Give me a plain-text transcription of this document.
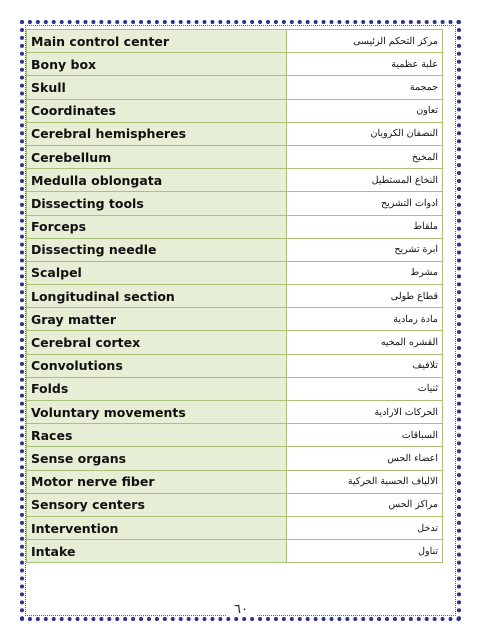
Main control center	مركز التحكم الرئيسى
Bony box	علبة عظمية
Skull	جمجمة
Coordinates	تعاون
Cerebral hemispheres	النصفان الكرويان
Cerebellum	المخيخ
Medulla oblongata	النخاع المستطيل
Dissecting tools	ادوات التشريح
Forceps	ملقاط
Dissecting needle	ابرة تشريح
Scalpel	مشرط
Longitudinal section	قطاع طولى
Gray matter	مادة رمادية
Cerebral cortex	القشره المخيه
Convolutions	تلافيف
Folds	ثنيات
Voluntary movements	الحركات الارادية
Races	السباقات
Sense organs	اعضاء الحس
Motor nerve fiber	الالياف الحسية الحركية
Sensory centers	مراكز الحس
Intervention	تدخل
Intake	تناول
٦٠
